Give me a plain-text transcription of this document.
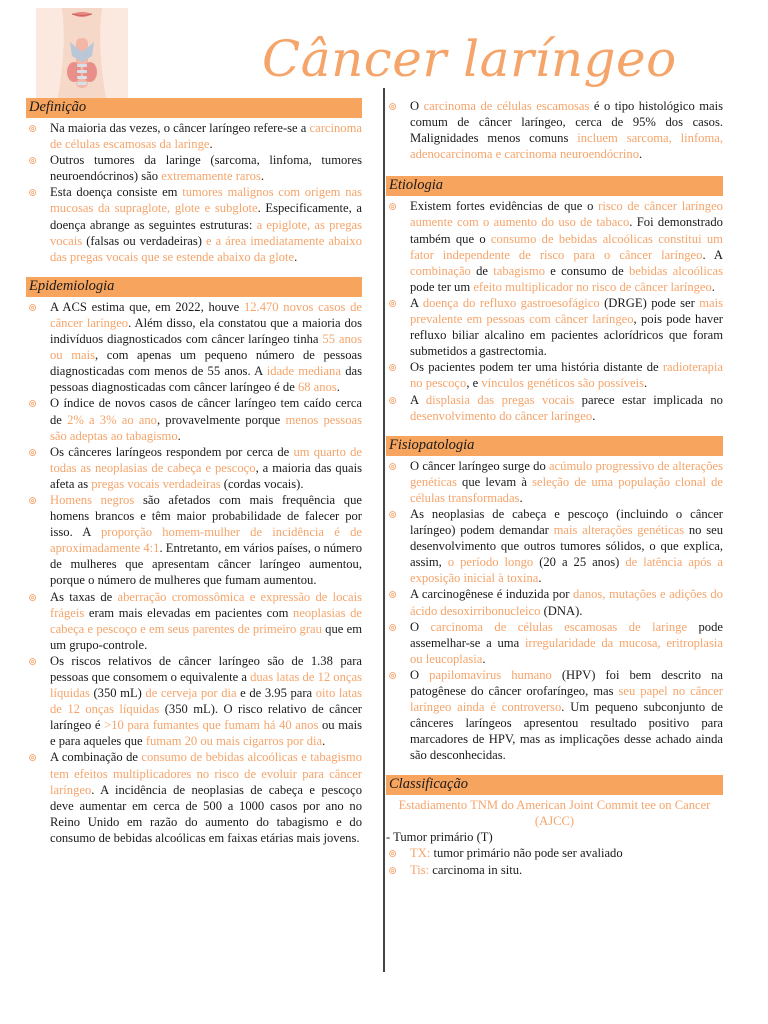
Câncer laríngeo
Definição
⊚ Na maioria das vezes, o câncer laríngeo refere-se a carcinoma de células escamosas da laringe.
⊚ Outros tumores da laringe (sarcoma, linfoma, tumores neuroendócrinos) são extremamente raros.
⊚ Esta doença consiste em tumores malignos com origem nas mucosas da supraglote, glote e subglote. Especificamente, a doença abrange as seguintes estruturas: a epiglote, as pregas vocais (falsas ou verdadeiras) e a área imediatamente abaixo das pregas vocais que se estende abaixo da glote.
Epidemiologia
⊚ A ACS estima que, em 2022, houve 12.470 novos casos de câncer laríngeo. Além disso, ela constatou que a maioria dos indivíduos diagnosticados com câncer laríngeo tinha 55 anos ou mais, com apenas um pequeno número de pessoas diagnosticadas com menos de 55 anos. A idade mediana das pessoas diagnosticadas com câncer laríngeo é de 68 anos.
⊚ O índice de novos casos de câncer laríngeo tem caído cerca de 2% a 3% ao ano, provavelmente porque menos pessoas são adeptas ao tabagismo.
⊚ Os cânceres laríngeos respondem por cerca de um quarto de todas as neoplasias de cabeça e pescoço, a maioria das quais afeta as pregas vocais verdadeiras (cordas vocais).
⊚ Homens negros são afetados com mais frequência que homens brancos e têm maior probabilidade de falecer por isso. A proporção homem-mulher de incidência é de aproximadamente 4:1. Entretanto, em vários países, o número de mulheres que apresentam câncer laríngeo aumentou, porque o número de mulheres que fumam aumentou.
⊚ As taxas de aberração cromossômica e expressão de locais frágeis eram mais elevadas em pacientes com neoplasias de cabeça e pescoço e em seus parentes de primeiro grau que em um grupo-controle.
⊚ Os riscos relativos de câncer laríngeo são de 1.38 para pessoas que consomem o equivalente a duas latas de 12 onças líquidas (350 mL) de cerveja por dia e de 3.95 para oito latas de 12 onças líquidas (350 mL). O risco relativo de câncer laríngeo é >10 para fumantes que fumam há 40 anos ou mais e para aqueles que fumam 20 ou mais cigarros por dia.
⊚ A combinação de consumo de bebidas alcoólicas e tabagismo tem efeitos multiplicadores no risco de evoluir para câncer laríngeo. A incidência de neoplasias de cabeça e pescoço deve aumentar em cerca de 500 a 1000 casos por ano no Reino Unido em razão do aumento do tabagismo e do consumo de bebidas alcoólicas em faixas etárias mais jovens.
⊚ O carcinoma de células escamosas é o tipo histológico mais comum de câncer laríngeo, cerca de 95% dos casos. Malignidades menos comuns incluem sarcoma, linfoma, adenocarcinoma e carcinoma neuroendócrino.
Etiologia
⊚ Existem fortes evidências de que o risco de câncer laríngeo aumente com o aumento do uso de tabaco. Foi demonstrado também que o consumo de bebidas alcoólicas constitui um fator independente de risco para o câncer laríngeo. A combinação de tabagismo e consumo de bebidas alcoólicas pode ter um efeito multiplicador no risco de câncer laríngeo.
⊚ A doença do refluxo gastroesofágico (DRGE) pode ser mais prevalente em pessoas com câncer laríngeo, pois pode haver refluxo biliar alcalino em pacientes aclorídricos que foram submetidos a gastrectomia.
⊚ Os pacientes podem ter uma história distante de radioterapia no pescoço, e vínculos genéticos são possíveis.
⊚ A displasia das pregas vocais parece estar implicada no desenvolvimento do câncer laríngeo.
Fisiopatologia
⊚ O câncer laríngeo surge do acúmulo progressivo de alterações genéticas que levam à seleção de uma população clonal de células transformadas.
⊚ As neoplasias de cabeça e pescoço (incluindo o câncer laríngeo) podem demandar mais alterações genéticas no seu desenvolvimento que outros tumores sólidos, o que explica, assim, o período longo (20 a 25 anos) de latência após a exposição inicial à toxina.
⊚ A carcinogênese é induzida por danos, mutações e adições do ácido desoxirribonucleico (DNA).
⊚ O carcinoma de células escamosas de laringe pode assemelhar-se a uma irregularidade da mucosa, eritroplasia ou leucoplasia.
⊚ O papilomavírus humano (HPV) foi bem descrito na patogênese do câncer orofaríngeo, mas seu papel no câncer laríngeo ainda é controverso. Um pequeno subconjunto de cânceres laríngeos apresentou resultado positivo para marcadores de HPV, mas as implicações desse achado ainda são desconhecidas.
Classificação
Estadiamento TNM do American Joint Commit tee on Cancer (AJCC)
- Tumor primário (T)
⊚ TX: tumor primário não pode ser avaliado
⊚ Tis: carcinoma in situ.
